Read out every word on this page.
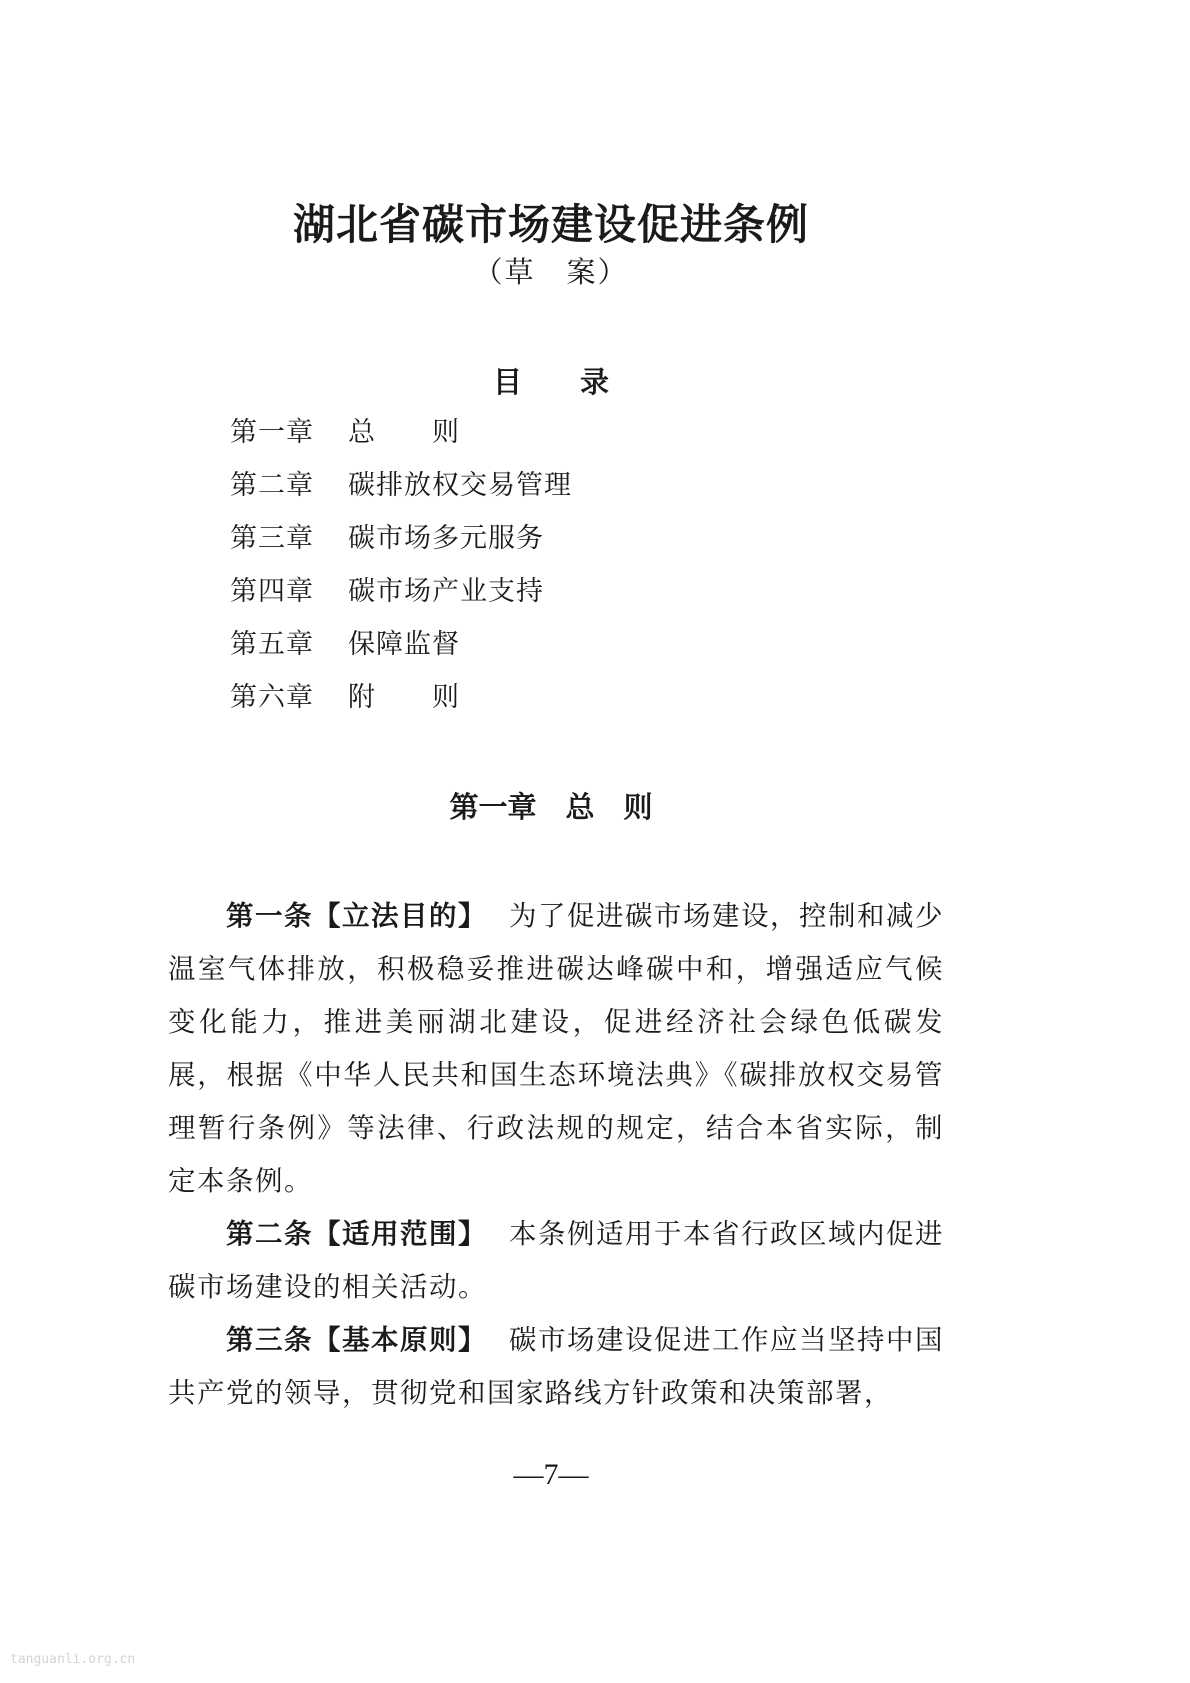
湖北省碳市场建设促进条例
（草　案）
目　　录
第一章 总　　则
第二章 碳排放权交易管理
第三章 碳市场多元服务
第四章 碳市场产业支持
第五章 保障监督
第六章 附　　则
第一章　总　则

第一条【立法目的】 为了促进碳市场建设，控制和减少温室气体排放，积极稳妥推进碳达峰碳中和，增强适应气候变化能力，推进美丽湖北建设，促进经济社会绿色低碳发展，根据《中华人民共和国生态环境法典》《碳排放权交易管理暂行条例》等法律、行政法规的规定，结合本省实际，制定本条例。

第二条【适用范围】 本条例适用于本省行政区域内促进碳市场建设的相关活动。

第三条【基本原则】 碳市场建设促进工作应当坚持中国共产党的领导，贯彻党和国家路线方针政策和决策部署，

—7—
tanguanli.org.cn
